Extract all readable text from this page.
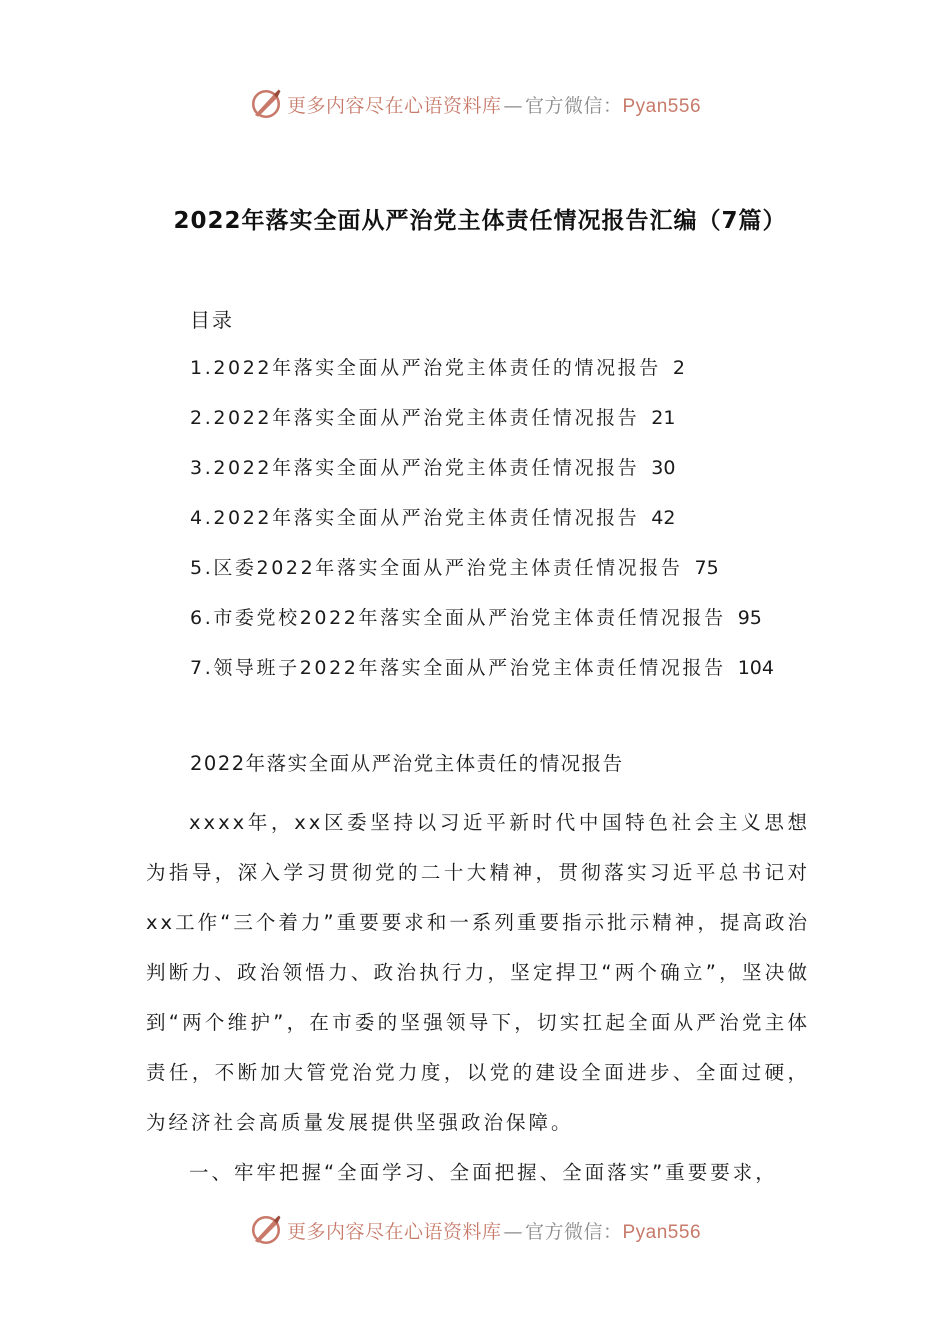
更多内容尽在心语资料库 — 官方微信：Pyan556
2022年落实全面从严治党主体责任情况报告汇编（7篇）
目录
1.2022年落实全面从严治党主体责任的情况报告 2
2.2022年落实全面从严治党主体责任情况报告 21
3.2022年落实全面从严治党主体责任情况报告 30
4.2022年落实全面从严治党主体责任情况报告 42
5.区委2022年落实全面从严治党主体责任情况报告 75
6.市委党校2022年落实全面从严治党主体责任情况报告 95
7.领导班子2022年落实全面从严治党主体责任情况报告 104
2022年落实全面从严治党主体责任的情况报告

xxxx年，xx区委坚持以习近平新时代中国特色社会主义思想为指导，深入学习贯彻党的二十大精神，贯彻落实习近平总书记对xx工作“三个着力”重要要求和一系列重要指示批示精神，提高政治判断力、政治领悟力、政治执行力，坚定捍卫“两个确立”，坚决做到“两个维护”，在市委的坚强领导下，切实扛起全面从严治党主体责任，不断加大管党治党力度，以党的建设全面进步、全面过硬，为经济社会高质量发展提供坚强政治保障。

一、牢牢把握“全面学习、全面把握、全面落实”重要要求，

更多内容尽在心语资料库 — 官方微信：Pyan556
